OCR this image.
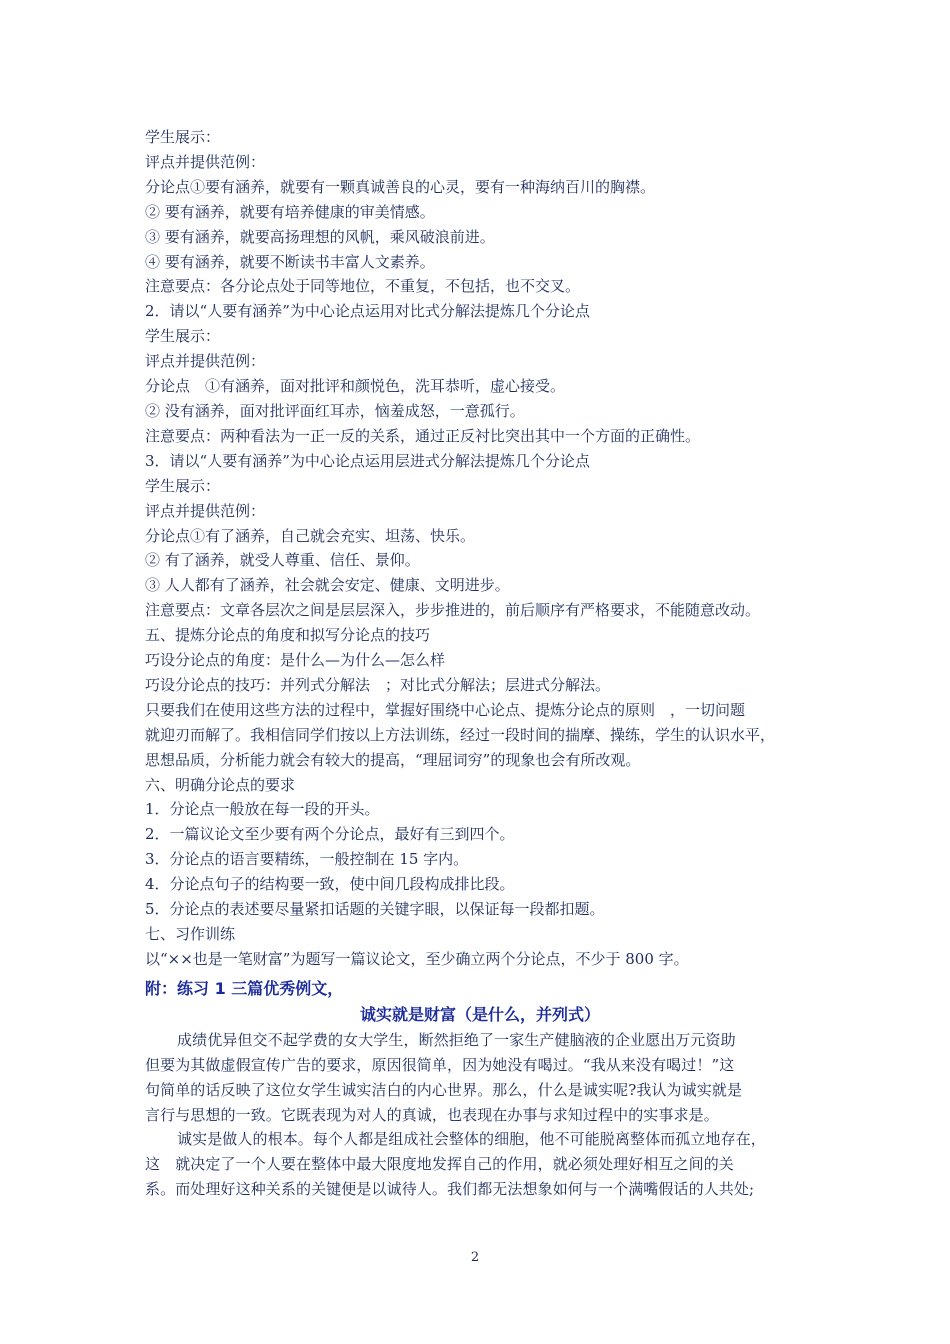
学生展示：
评点并提供范例：
分论点①要有涵养，就要有一颗真诚善良的心灵，要有一种海纳百川的胸襟。
② 要有涵养，就要有培养健康的审美情感。
③ 要有涵养，就要高扬理想的风帆，乘风破浪前进。
④ 要有涵养，就要不断读书丰富人文素养。
注意要点：各分论点处于同等地位，不重复，不包括，也不交叉。
2．请以“人要有涵养”为中心论点运用对比式分解法提炼几个分论点
学生展示：
评点并提供范例：
分论点　①有涵养，面对批评和颜悦色，洗耳恭听，虚心接受。
② 没有涵养，面对批评面红耳赤，恼羞成怒，一意孤行。
注意要点：两种看法为一正一反的关系，通过正反衬比突出其中一个方面的正确性。
3．请以“人要有涵养”为中心论点运用层进式分解法提炼几个分论点
学生展示：
评点并提供范例：
分论点①有了涵养，自己就会充实、坦荡、快乐。
② 有了涵养，就受人尊重、信任、景仰。
③ 人人都有了涵养，社会就会安定、健康、文明进步。
注意要点：文章各层次之间是层层深入，步步推进的，前后顺序有严格要求，不能随意改动。
五、提炼分论点的角度和拟写分论点的技巧
巧设分论点的角度：是什么—为什么—怎么样
巧设分论点的技巧：并列式分解法　；对比式分解法；层进式分解法。
只要我们在使用这些方法的过程中，掌握好围绕中心论点、提炼分论点的原则　，一切问题
就迎刃而解了。我相信同学们按以上方法训练，经过一段时间的揣摩、操练，学生的认识水平，
思想品质，分析能力就会有较大的提高，“理屈词穷”的现象也会有所改观。
六、明确分论点的要求
1．分论点一般放在每一段的开头。
2．一篇议论文至少要有两个分论点，最好有三到四个。
3．分论点的语言要精练，一般控制在 15 字内。
4．分论点句子的结构要一致，使中间几段构成排比段。
5．分论点的表述要尽量紧扣话题的关键字眼，以保证每一段都扣题。
七、习作训练
以“××也是一笔财富”为题写一篇议论文，至少确立两个分论点，不少于 800 字。
附：练习 1 三篇优秀例文，
诚实就是财富（是什么，并列式）
成绩优异但交不起学费的女大学生，断然拒绝了一家生产健脑液的企业愿出万元资助
但要为其做虚假宣传广告的要求，原因很简单，因为她没有喝过。“我从来没有喝过！”这
句简单的话反映了这位女学生诚实洁白的内心世界。那么，什么是诚实呢?我认为诚实就是
言行与思想的一致。它既表现为对人的真诚，也表现在办事与求知过程中的实事求是。
诚实是做人的根本。每个人都是组成社会整体的细胞，他不可能脱离整体而孤立地存在，
这　就决定了一个人要在整体中最大限度地发挥自己的作用，就必须处理好相互之间的关
系。而处理好这种关系的关键便是以诚待人。我们都无法想象如何与一个满嘴假话的人共处;
2
